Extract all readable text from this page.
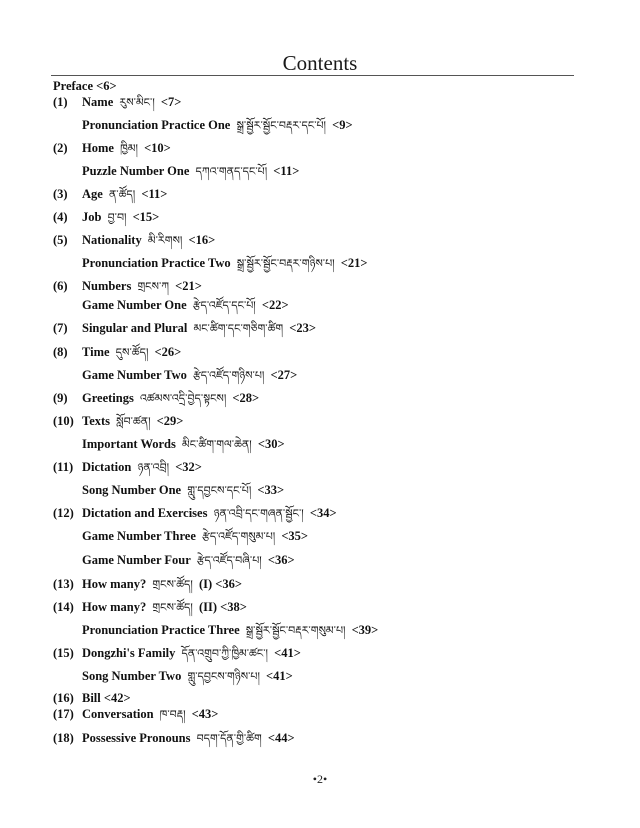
Contents
Preface <6>
(1) Name རུས་མིང་། <7>
Pronunciation Practice One སྒྲ་སྦྱོར་སྦྱོང་བརྡར་དང་པོ། <9>
(2) Home ཁྱིམ། <10>
Puzzle Number One དཀའ་གནད་དང་པོ། <11>
(3) Age ན་ཚོད། <11>
(4) Job བྱ་བ། <15>
(5) Nationality མི་རིགས། <16>
Pronunciation Practice Two སྒྲ་སྦྱོར་སྦྱོང་བརྡར་གཉིས་པ། <21>
(6) Numbers གྲངས་ཀ <21>
Game Number One རྩེད་འཛོད་དང་པོ། <22>
(7) Singular and Plural མང་ཚིག་དང་གཅིག་ཚིག <23>
(8) Time དུས་ཚོད། <26>
Game Number Two རྩེད་འཛོད་གཉིས་པ། <27>
(9) Greetings འཚམས་འདྲི་བྱེད་སྟངས། <28>
(10) Texts སློབ་ཚན། <29>
Important Words མིང་ཚིག་གལ་ཆེན། <30>
(11) Dictation ཉན་འབྲི། <32>
Song Number One གླུ་དབྱངས་དང་པོ། <33>
(12) Dictation and Exercises ཉན་འབྲི་དང་གཞན་སྦྱོང་། <34>
Game Number Three རྩེད་འཛོད་གསུམ་པ། <35>
Game Number Four རྩེད་འཛོད་བཞི་པ། <36>
(13) How many? གྲངས་ཚོད། (I) <36>
(14) How many? གྲངས་ཚོད། (II) <38>
Pronunciation Practice Three སྒྲ་སྦྱོར་སྦྱོང་བརྡར་གསུམ་པ། <39>
(15) Dongzhi's Family དོན་འགྲུབ་ཀྱི་ཁྱིམ་ཚང་། <41>
Song Number Two གླུ་དབྱངས་གཉིས་པ། <41>
(16) Bill <42>
(17) Conversation ཁ་བརྡ། <43>
(18) Possessive Pronouns བདག་དོན་གྱི་ཚིག <44>
•2•
